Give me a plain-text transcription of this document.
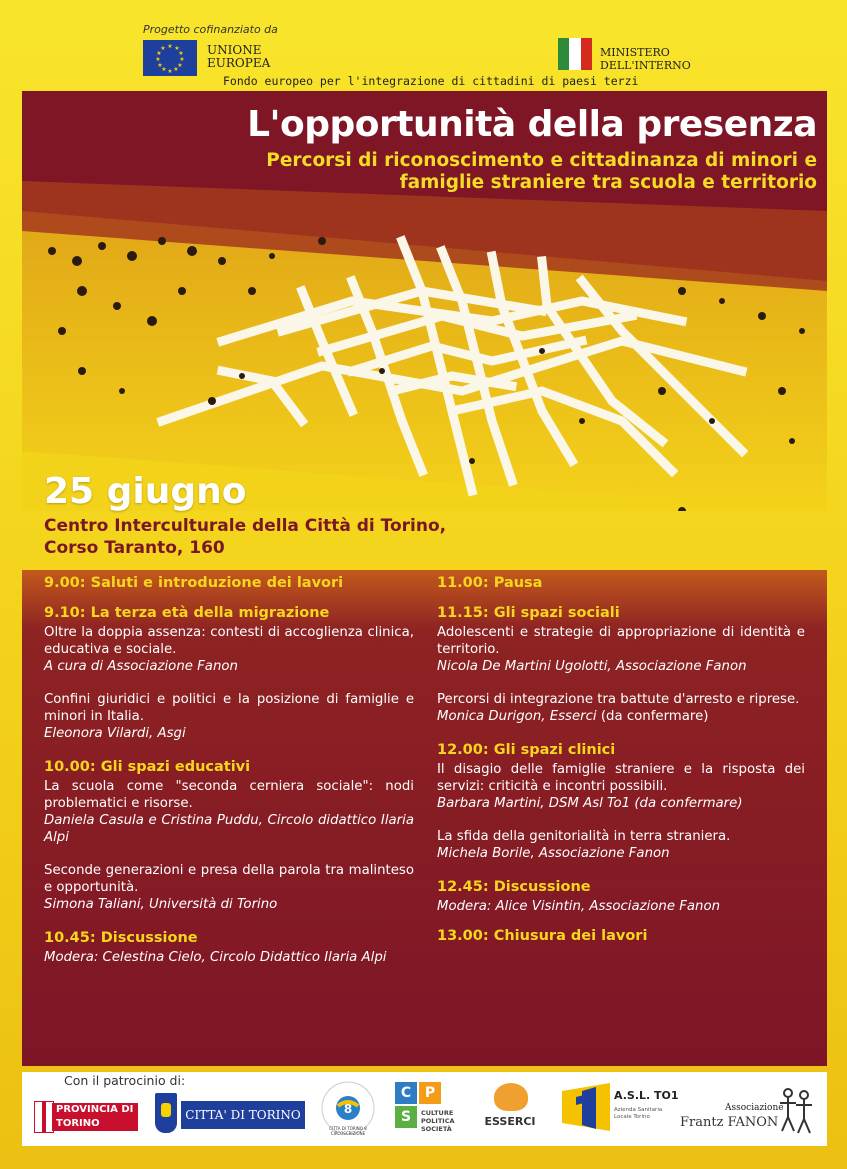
Progetto cofinanziato da
★ ★
★
★
★
★
★
★
★
★
★
★	UNIONE
EUROPEA
MINISTERO
DELL'INTERNO
Fondo europeo per l'integrazione di cittadini di paesi terzi
L'opportunità della presenza
Percorsi di riconoscimento e cittadinanza di minori e
famiglie straniere tra scuola e territorio
25 giugno
Centro Interculturale della Città di Torino,
Corso Taranto, 160
9.00: Saluti e introduzione dei lavori
9.10: La terza età della migrazione
Oltre la doppia assenza: contesti di accoglienza clinica, educativa e sociale.
A cura di Associazione Fanon
Confini giuridici e politici e la posizione di famiglie e minori in Italia.
Eleonora Vilardi, Asgi
10.00: Gli spazi educativi
La scuola come "seconda cerniera sociale": nodi problematici e risorse.
Daniela Casula e Cristina Puddu, Circolo didattico Ilaria Alpi
Seconde generazioni e presa della parola tra malinteso e opportunità.
Simona Taliani, Università di Torino
10.45: Discussione
Modera: Celestina Cielo, Circolo Didattico Ilaria Alpi
11.00: Pausa
11.15: Gli spazi sociali
Adolescenti e strategie di appropriazione di identità e territorio.
Nicola De Martini Ugolotti, Associazione Fanon
Percorsi di integrazione tra battute d'arresto e riprese.
Monica Durigon, Esserci (da confermare)
12.00: Gli spazi clinici
Il disagio delle famiglie straniere e la risposta dei servizi: criticità e incontri possibili.
Barbara Martini, DSM Asl To1 (da confermare)
La sfida della genitorialità in terra straniera.
Michela Borile, Associazione Fanon
12.45: Discussione
Modera: Alice Visintin, Associazione Fanon
13.00: Chiusura dei lavori
Con il patrocinio di:
PROVINCIA DI TORINO
CITTA' DI TORINO	8
CITTA DI TORINO 8 CIRCOSCRIZIONE
C P
S	CULTURE POLITICA SOCIETÀ
ESSERCI
A.S.L. TO1
Azienda Sanitaria Locale Torino
Associazione
Frantz FANON
